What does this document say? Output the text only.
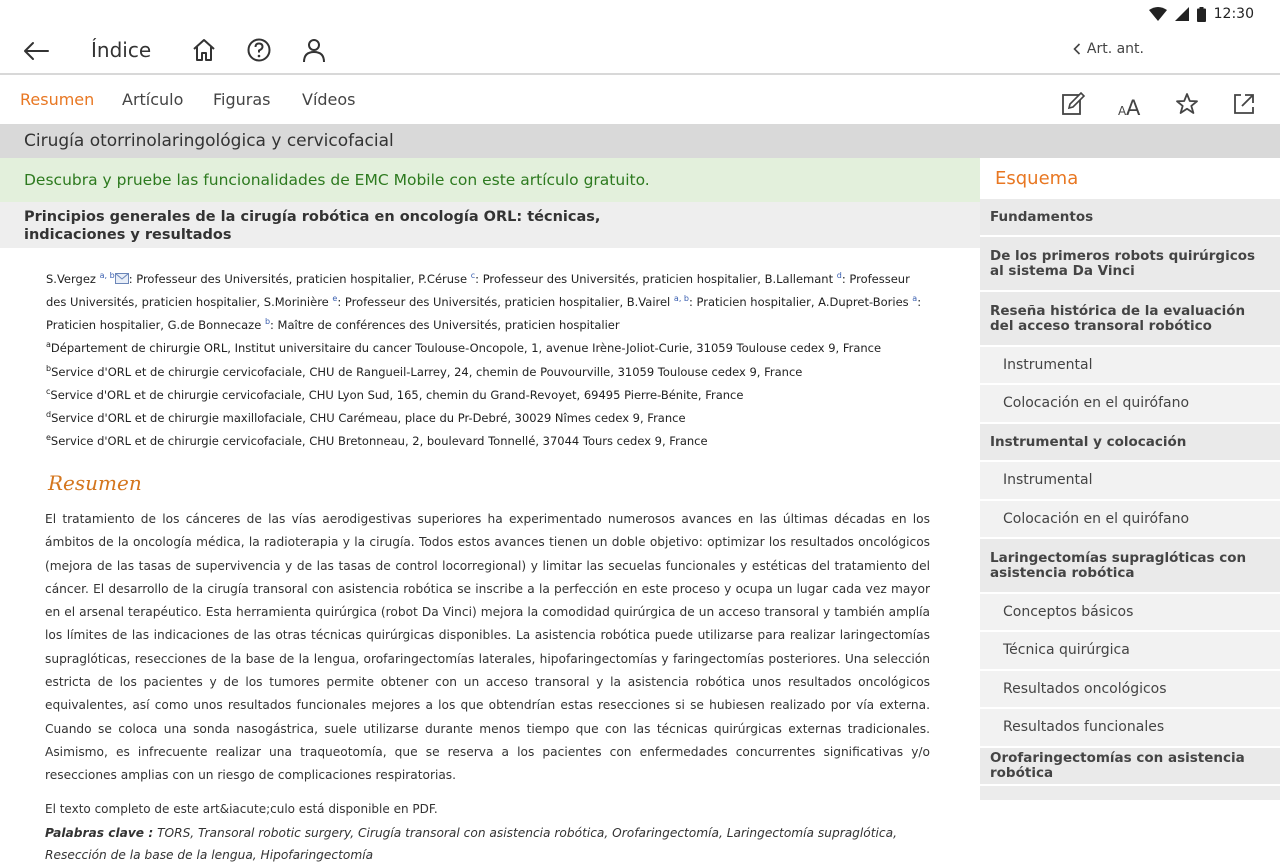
12:30
Índice	Art. ant.
Resumen Artículo Figuras Vídeos
A A
Cirugía otorrinolaringológica y cervicofacial
Descubra y pruebe las funcionalidades de EMC Mobile con este artículo gratuito.
Principios generales de la cirugía robótica en oncología ORL: técnicas, indicaciones y resultados
S.Vergez $^{a, b}$ : Professeur des Universités, praticien hospitalier, P.Céruse $^c$: Professeur des Universités, praticien hospitalier, B.Lallemant $^d$: Professeur des Universités, praticien hospitalier, S.Morinière $^e$: Professeur des Universités, praticien hospitalier, B.Vairel $^{a, b}$: Praticien hospitalier, A.Dupret-Bories $^a$: Praticien hospitalier, G.de Bonnecaze $^b$: Maître de conférences des Universités, praticien hospitalier
$^a$Département de chirurgie ORL, Institut universitaire du cancer Toulouse-Oncopole, 1, avenue Irène-Joliot-Curie, 31059 Toulouse cedex 9, France
$^b$Service d'ORL et de chirurgie cervicofaciale, CHU de Rangueil-Larrey, 24, chemin de Pouvourville, 31059 Toulouse cedex 9, France
$^c$Service d'ORL et de chirurgie cervicofaciale, CHU Lyon Sud, 165, chemin du Grand-Revoyet, 69495 Pierre-Bénite, France
$^d$Service d'ORL et de chirurgie maxillofaciale, CHU Carémeau, place du Pr-Debré, 30029 Nîmes cedex 9, France
$^e$Service d'ORL et de chirurgie cervicofaciale, CHU Bretonneau, 2, boulevard Tonnellé, 37044 Tours cedex 9, France
Resumen
El tratamiento de los cánceres de las vías aerodigestivas superiores ha experimentado numerosos avances en las últimas décadas en los ámbitos de la oncología médica, la radioterapia y la cirugía. Todos estos avances tienen un doble objetivo: optimizar los resultados oncológicos (mejora de las tasas de supervivencia y de las tasas de control locorregional) y limitar las secuelas funcionales y estéticas del tratamiento del cáncer. El desarrollo de la cirugía transoral con asistencia robótica se inscribe a la perfección en este proceso y ocupa un lugar cada vez mayor en el arsenal terapéutico. Esta herramienta quirúrgica (robot Da Vinci) mejora la comodidad quirúrgica de un acceso transoral y también amplía los límites de las indicaciones de las otras técnicas quirúrgicas disponibles. La asistencia robótica puede utilizarse para realizar laringectomías supraglóticas, resecciones de la base de la lengua, orofaringectomías laterales, hipofaringectomías y faringectomías posteriores. Una selección estricta de los pacientes y de los tumores permite obtener con un acceso transoral y la asistencia robótica unos resultados oncológicos equivalentes, así como unos resultados funcionales mejores a los que obtendrían estas resecciones si se hubiesen realizado por vía externa. Cuando se coloca una sonda nasogástrica, suele utilizarse durante menos tiempo que con las técnicas quirúrgicas externas tradicionales. Asimismo, es infrecuente realizar una traqueotomía, que se reserva a los pacientes con enfermedades concurrentes significativas y/o resecciones amplias con un riesgo de complicaciones respiratorias.
El texto completo de este art&iacute;culo está disponible en PDF.
Palabras clave : TORS, Transoral robotic surgery, Cirugía transoral con asistencia robótica, Orofaringectomía, Laringectomía supraglótica, Resección de la base de la lengua, Hipofaringectomía
Esquema
Fundamentos
De los primeros robots quirúrgicos al sistema Da Vinci
Reseña histórica de la evaluación del acceso transoral robótico
Instrumental
Colocación en el quirófano
Instrumental y colocación
Instrumental
Colocación en el quirófano
Laringectomías supraglóticas con asistencia robótica
Conceptos básicos
Técnica quirúrgica
Resultados oncológicos
Resultados funcionales
Orofaringectomías con asistencia robótica
